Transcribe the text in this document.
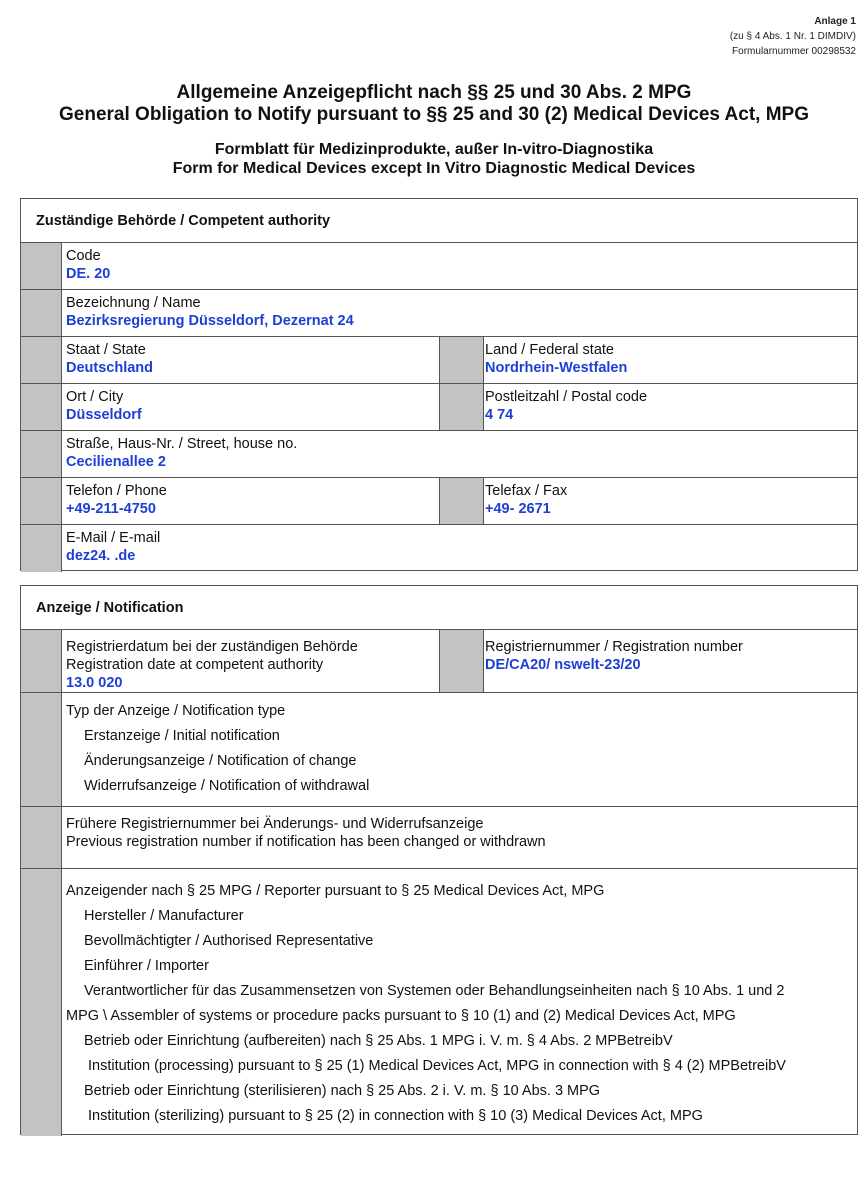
Anlage 1
(zu § 4 Abs. 1 Nr. 1 DIMDIV)
Formularnummer 00298532
Allgemeine Anzeigepflicht nach §§ 25 und 30 Abs. 2 MPG
General Obligation to Notify pursuant to §§ 25 and 30 (2) Medical Devices Act, MPG
Formblatt für Medizinprodukte, außer In-vitro-Diagnostika
Form for Medical Devices except In Vitro Diagnostic Medical Devices
Zuständige Behörde / Competent authority
Code
DE. 20
Bezeichnung / Name
Bezirksregierung Düsseldorf, Dezernat 24
Staat / State
Deutschland
Land / Federal state
Nordrhein-Westfalen
Ort / City
Düsseldorf
Postleitzahl / Postal code
4 74
Straße, Haus-Nr. / Street, house no.
Cecilienallee 2
Telefon / Phone
+49-211-4750
Telefax / Fax
+49- 2671
E-Mail / E-mail
dez24. .de
Anzeige / Notification
Registrierdatum bei der zuständigen Behörde
Registration date at competent authority
13.0 020
Registriernummer / Registration number
DE/CA20/ nswelt-23/20
Typ der Anzeige / Notification type
Erstanzeige / Initial notification
Änderungsanzeige / Notification of change
Widerrufsanzeige / Notification of withdrawal
Frühere Registriernummer bei Änderungs- und Widerrufsanzeige
Previous registration number if notification has been changed or withdrawn
Anzeigender nach § 25 MPG / Reporter pursuant to § 25 Medical Devices Act, MPG
Hersteller / Manufacturer
Bevollmächtigter / Authorised Representative
Einführer / Importer
Verantwortlicher für das Zusammensetzen von Systemen oder Behandlungseinheiten nach § 10 Abs. 1 und 2
MPG \ Assembler of systems or procedure packs pursuant to § 10 (1) and (2) Medical Devices Act, MPG
Betrieb oder Einrichtung (aufbereiten) nach § 25 Abs. 1 MPG i. V. m. § 4 Abs. 2 MPBetreibV
Institution (processing) pursuant to § 25 (1) Medical Devices Act, MPG in connection with § 4 (2) MPBetreibV
Betrieb oder Einrichtung (sterilisieren) nach § 25 Abs. 2 i. V. m. § 10 Abs. 3 MPG
Institution (sterilizing) pursuant to § 25 (2) in connection with § 10 (3) Medical Devices Act, MPG
